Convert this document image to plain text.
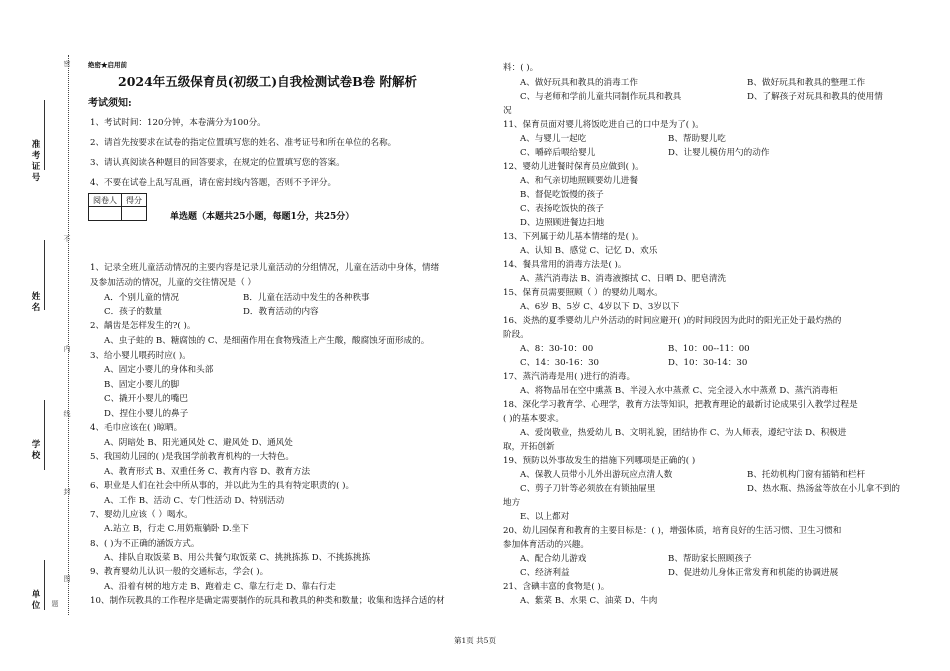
准考证号
姓名
学校
单位
密
不
内
线
封
图
题
绝密★启用前
2024年五级保育员(初级工)自我检测试卷B卷 附解析
考试须知:
1、考试时间：120分钟，本卷满分为100分。
2、请首先按要求在试卷的指定位置填写您的姓名、准考证号和所在单位的名称。
3、请认真阅读各种题目的回答要求，在规定的位置填写您的答案。
4、不要在试卷上乱写乱画，请在密封线内答题，否则不予评分。
阅卷人	得分

单选题（本题共25小题，每题1分，共25分）
1、记录全班儿童活动情况的主要内容是记录儿童活动的分组情况，儿童在活动中身体，情绪
及参加活动的情况，儿童的交往情况是（ ）
A．个别儿童的情况	B．儿童在活动中发生的各种秩事
C．孩子的数量	D．教育活动的内容
2、龋齿是怎样发生的?( )。
A、虫子蛀的 B、糖腐蚀的 C、是细菌作用在食物残渣上产生酸，酸腐蚀牙面形成的。
3、给小婴儿喂药时应( )。
A、固定小婴儿的身体和头部
B、固定小婴儿的脚
C、撬开小婴儿的嘴巴
D、捏住小婴儿的鼻子
4、毛巾应该在( )晾晒。
A、阴暗处 B、阳光通风处 C、避风处 D、通风处
5、我国幼儿园的( )是我国学前教育机构的一大特色。
A、教育形式 B、双重任务 C、教育内容 D、教育方法
6、职业是人们在社会中所从事的，并以此为生的具有特定职责的( )。
A、工作 B、活动 C、专门性活动 D、特别活动
7、婴幼儿应该（ ）喝水。
A.站立 B，行走 C.用奶瓶躺卧 D.坐下
8、( )为不正确的涵饭方式。
A、排队自取饭菜 B、用公共餐勺取饭菜 C、挑挑拣拣 D、不挑拣挑拣
9、教育婴幼儿认识一般的交通标志，学会( )。
A、沿着有树的地方走 B、跑着走 C、靠左行走 D、靠右行走
10、制作玩教具的工作程序是确定需要制作的玩具和教具的种类和数量；收集和选择合适的材
料：( )。
A、做好玩具和教具的消毒工作	B、做好玩具和教具的整理工作
C、与老师和学前儿童共同制作玩具和教具	D、了解孩子对玩具和教具的使用情
况
11、保育员面对婴儿将饭吃进自己的口中是为了( )。
A、与婴儿一起吃	B、帮助婴儿吃
C、嚼碎后喂给婴儿	D、让婴儿模仿用勺的动作
12、婴幼儿进餐时保育员应做到( )。
A、和气亲切地照顾要幼儿进餐
B、督促吃饭慢的孩子
C、表扬吃饭快的孩子
D、边照顾进餐边扫地
13、下列属于幼儿基本情绪的是( )。
A、认知 B、感觉 C、记忆 D、欢乐
14、餐具常用的消毒方法是( )。
A、蒸汽消毒法 B、消毒液擦拭 C、日晒 D、肥皂清洗
15、保育员需要照顾（ ）的婴幼儿喝水。
A、6岁 B、5岁 C、4岁以下 D、3岁以下
16、炎热的夏季婴幼儿户外活动的时间应避开( )的时间段因为此时的阳光正处于最灼热的
阶段。
A、8：30-10：00	B、10：00--11：00
C、14：30-16：30	D、10：30-14：30
17、蒸汽消毒是用( )进行的消毒。
A、将物品吊在空中熏蒸 B、半浸入水中蒸煮 C、完全浸入水中蒸煮 D、蒸汽消毒柜
18、深化学习教育学、心理学，教育方法等知识，把教育理论的最新讨论成果引入教学过程是
( )的基本要求。
A、爱岗敬业，热爱幼儿 B、文明礼貌，团结协作 C、为人师表，遵纪守法 D、积极进
取，开拓创新
19、预防以外事故发生的措施下列哪项是正确的( )
A、保教人员带小儿外出游玩应点清人数	B、托幼机构门窗有插销和栏杆
C、剪子刀针等必须放在有锁抽屉里	D、热水瓶、热汤盆等放在小儿拿不到的
地方
E、以上都对
20、幼儿园保育和教育的主要目标是：( )，增强体质，培育良好的生活习惯、卫生习惯和
参加体育活动的兴趣。
A、配合幼儿游戏	B、帮助家长照顾孩子
C、经济利益	D、促进幼儿身体正常发育和机能的协调进展
21、含碘丰富的食物是( )。
A、紫菜 B、水果 C、油菜 D、牛肉
第1页 共5页
